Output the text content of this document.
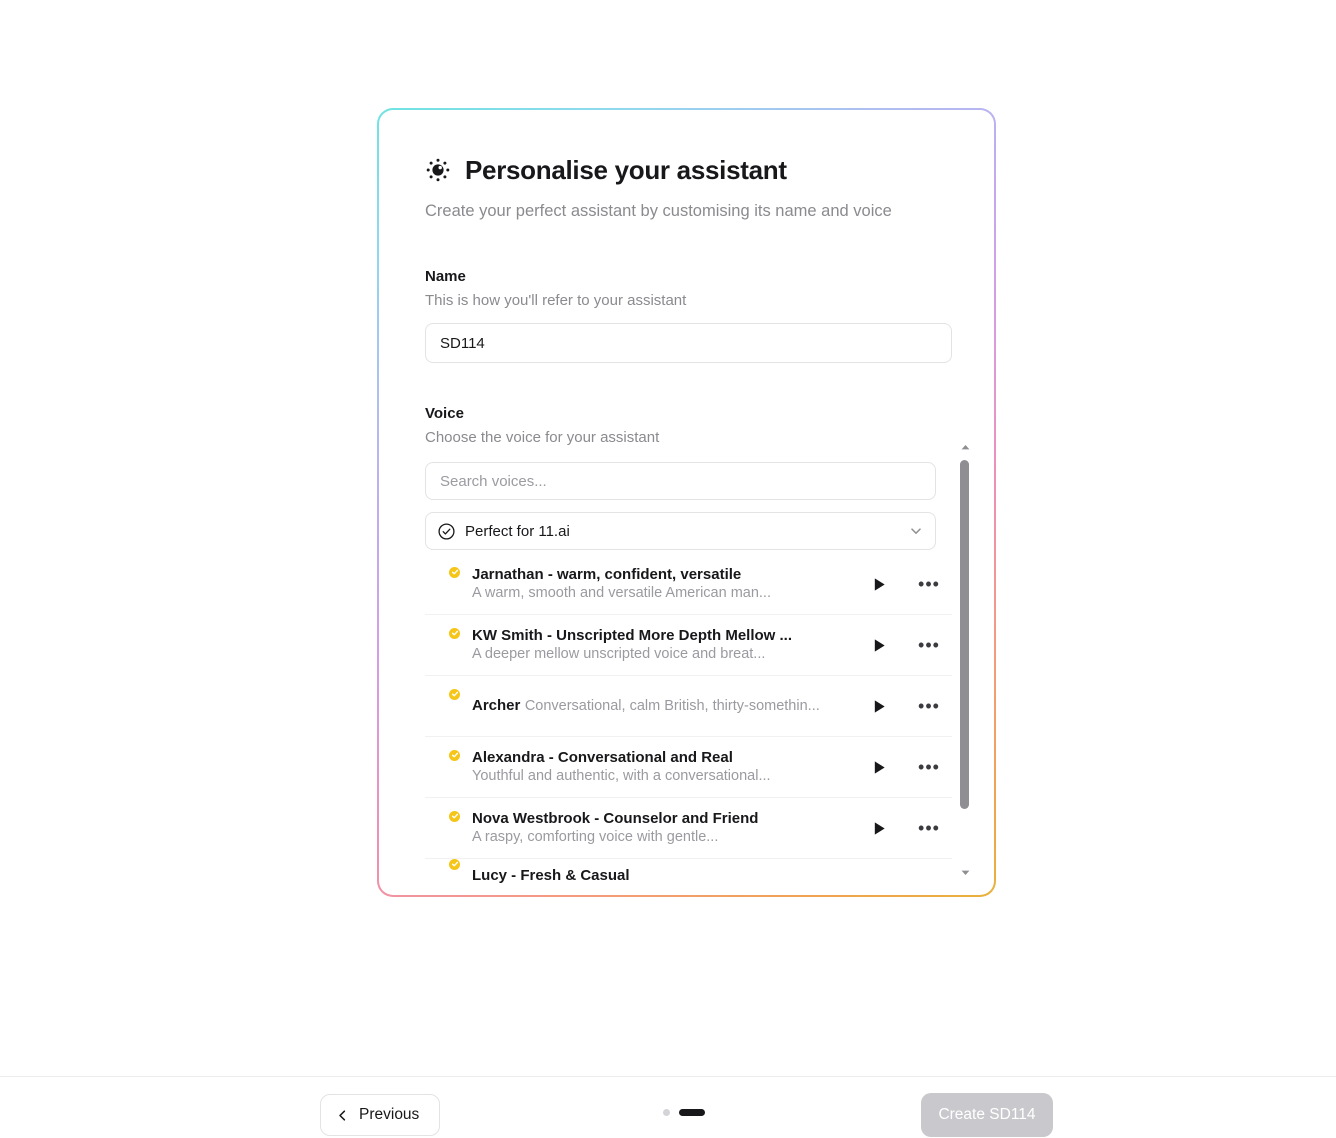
Personalise your assistant
Create your perfect assistant by customising its name and voice
Name
This is how you'll refer to your assistant
SD114
Voice
Choose the voice for your assistant
Search voices...
Perfect for 11.ai
Jarnathan - warm, confident, versatile A warm, smooth and versatile American man...	•••
KW Smith - Unscripted More Depth Mellow ... A deeper mellow unscripted voice and breat...	•••
Archer Conversational, calm British, thirty-somethin...	•••
Alexandra - Conversational and Real Youthful and authentic, with a conversational...	•••
Nova Westbrook - Counselor and Friend A raspy, comforting voice with gentle...	•••
Lucy - Fresh & Casual
Previous	Create SD114
